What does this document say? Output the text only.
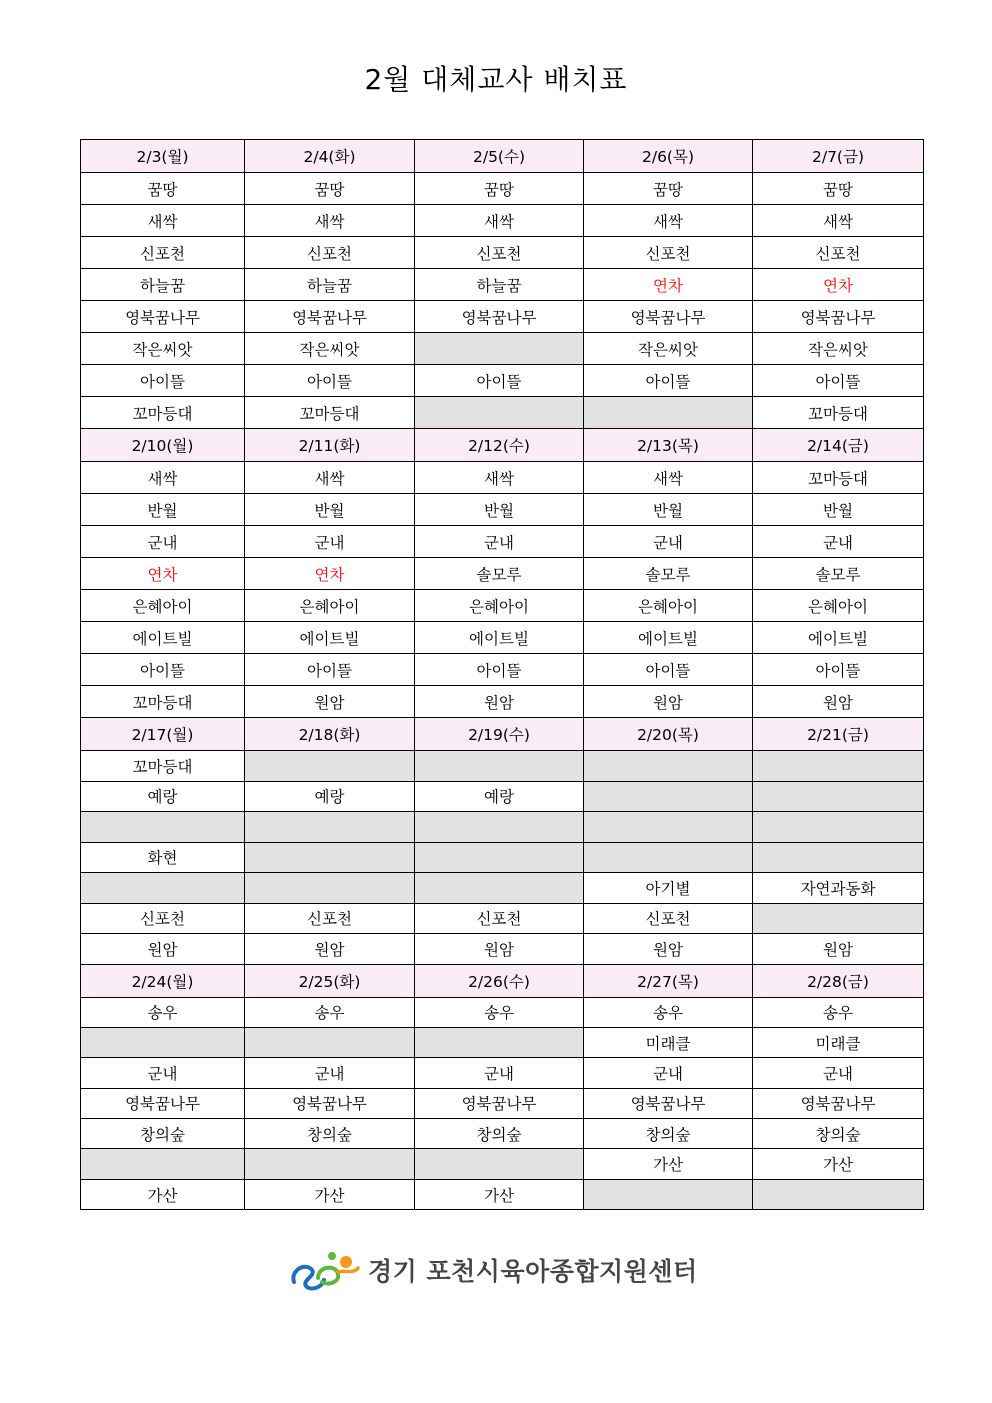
2월 대체교사 배치표
2/3(월)	2/4(화)	2/5(수)	2/6(목)	2/7(금)
꿈땅	꿈땅	꿈땅	꿈땅	꿈땅
새싹	새싹	새싹	새싹	새싹
신포천	신포천	신포천	신포천	신포천
하늘꿈	하늘꿈	하늘꿈	연차	연차
영북꿈나무	영북꿈나무	영북꿈나무	영북꿈나무	영북꿈나무
작은씨앗	작은씨앗		작은씨앗	작은씨앗
아이뜰	아이뜰	아이뜰	아이뜰	아이뜰
꼬마등대	꼬마등대			꼬마등대
2/10(월)	2/11(화)	2/12(수)	2/13(목)	2/14(금)
새싹	새싹	새싹	새싹	꼬마등대
반월	반월	반월	반월	반월
군내	군내	군내	군내	군내
연차	연차	솔모루	솔모루	솔모루
은혜아이	은혜아이	은혜아이	은혜아이	은혜아이
에이트빌	에이트빌	에이트빌	에이트빌	에이트빌
아이뜰	아이뜰	아이뜰	아이뜰	아이뜰
꼬마등대	원암	원암	원암	원암
2/17(월)	2/18(화)	2/19(수)	2/20(목)	2/21(금)
꼬마등대				
예랑	예랑	예랑		

화현				
			아기별	자연과동화
신포천	신포천	신포천	신포천	
원암	원암	원암	원암	원암
2/24(월)	2/25(화)	2/26(수)	2/27(목)	2/28(금)
송우	송우	송우	송우	송우
			미래클	미래클
군내	군내	군내	군내	군내
영북꿈나무	영북꿈나무	영북꿈나무	영북꿈나무	영북꿈나무
창의숲	창의숲	창의숲	창의숲	창의숲
			가산	가산
가산	가산	가산		
경기 포천시육아종합지원센터
